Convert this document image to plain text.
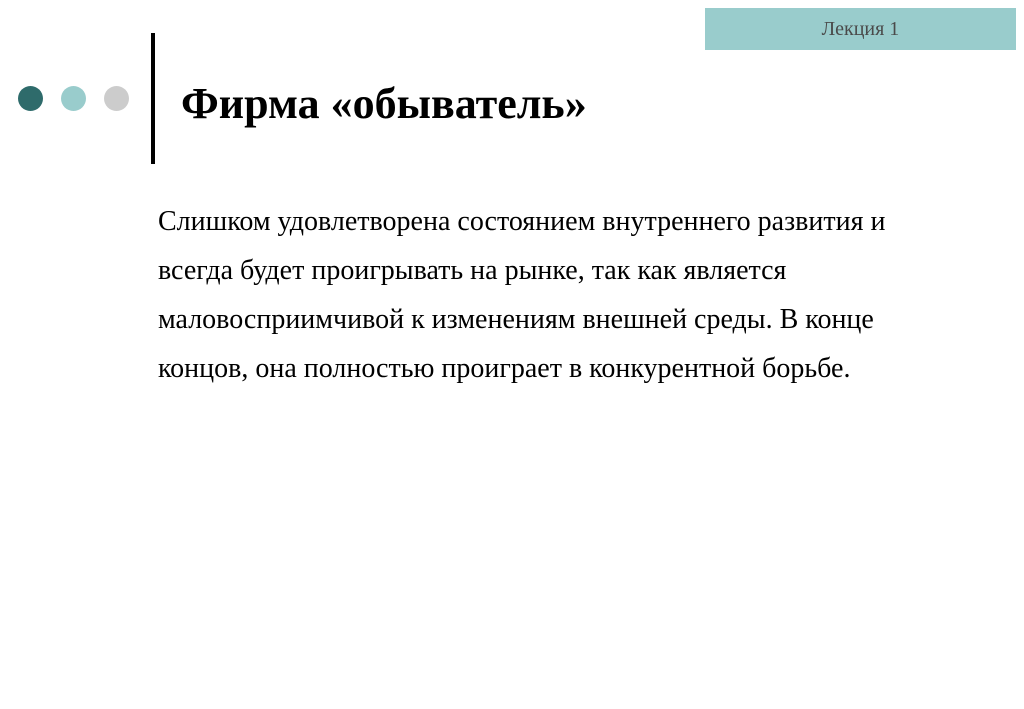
Лекция 1
Фирма «обыватель»

Слишком удовлетворена состоянием внутреннего развития и всегда будет проигрывать на рынке, так как является маловосприимчивой к изменениям внешней среды. В конце концов, она полностью проиграет в конкурентной борьбе.
